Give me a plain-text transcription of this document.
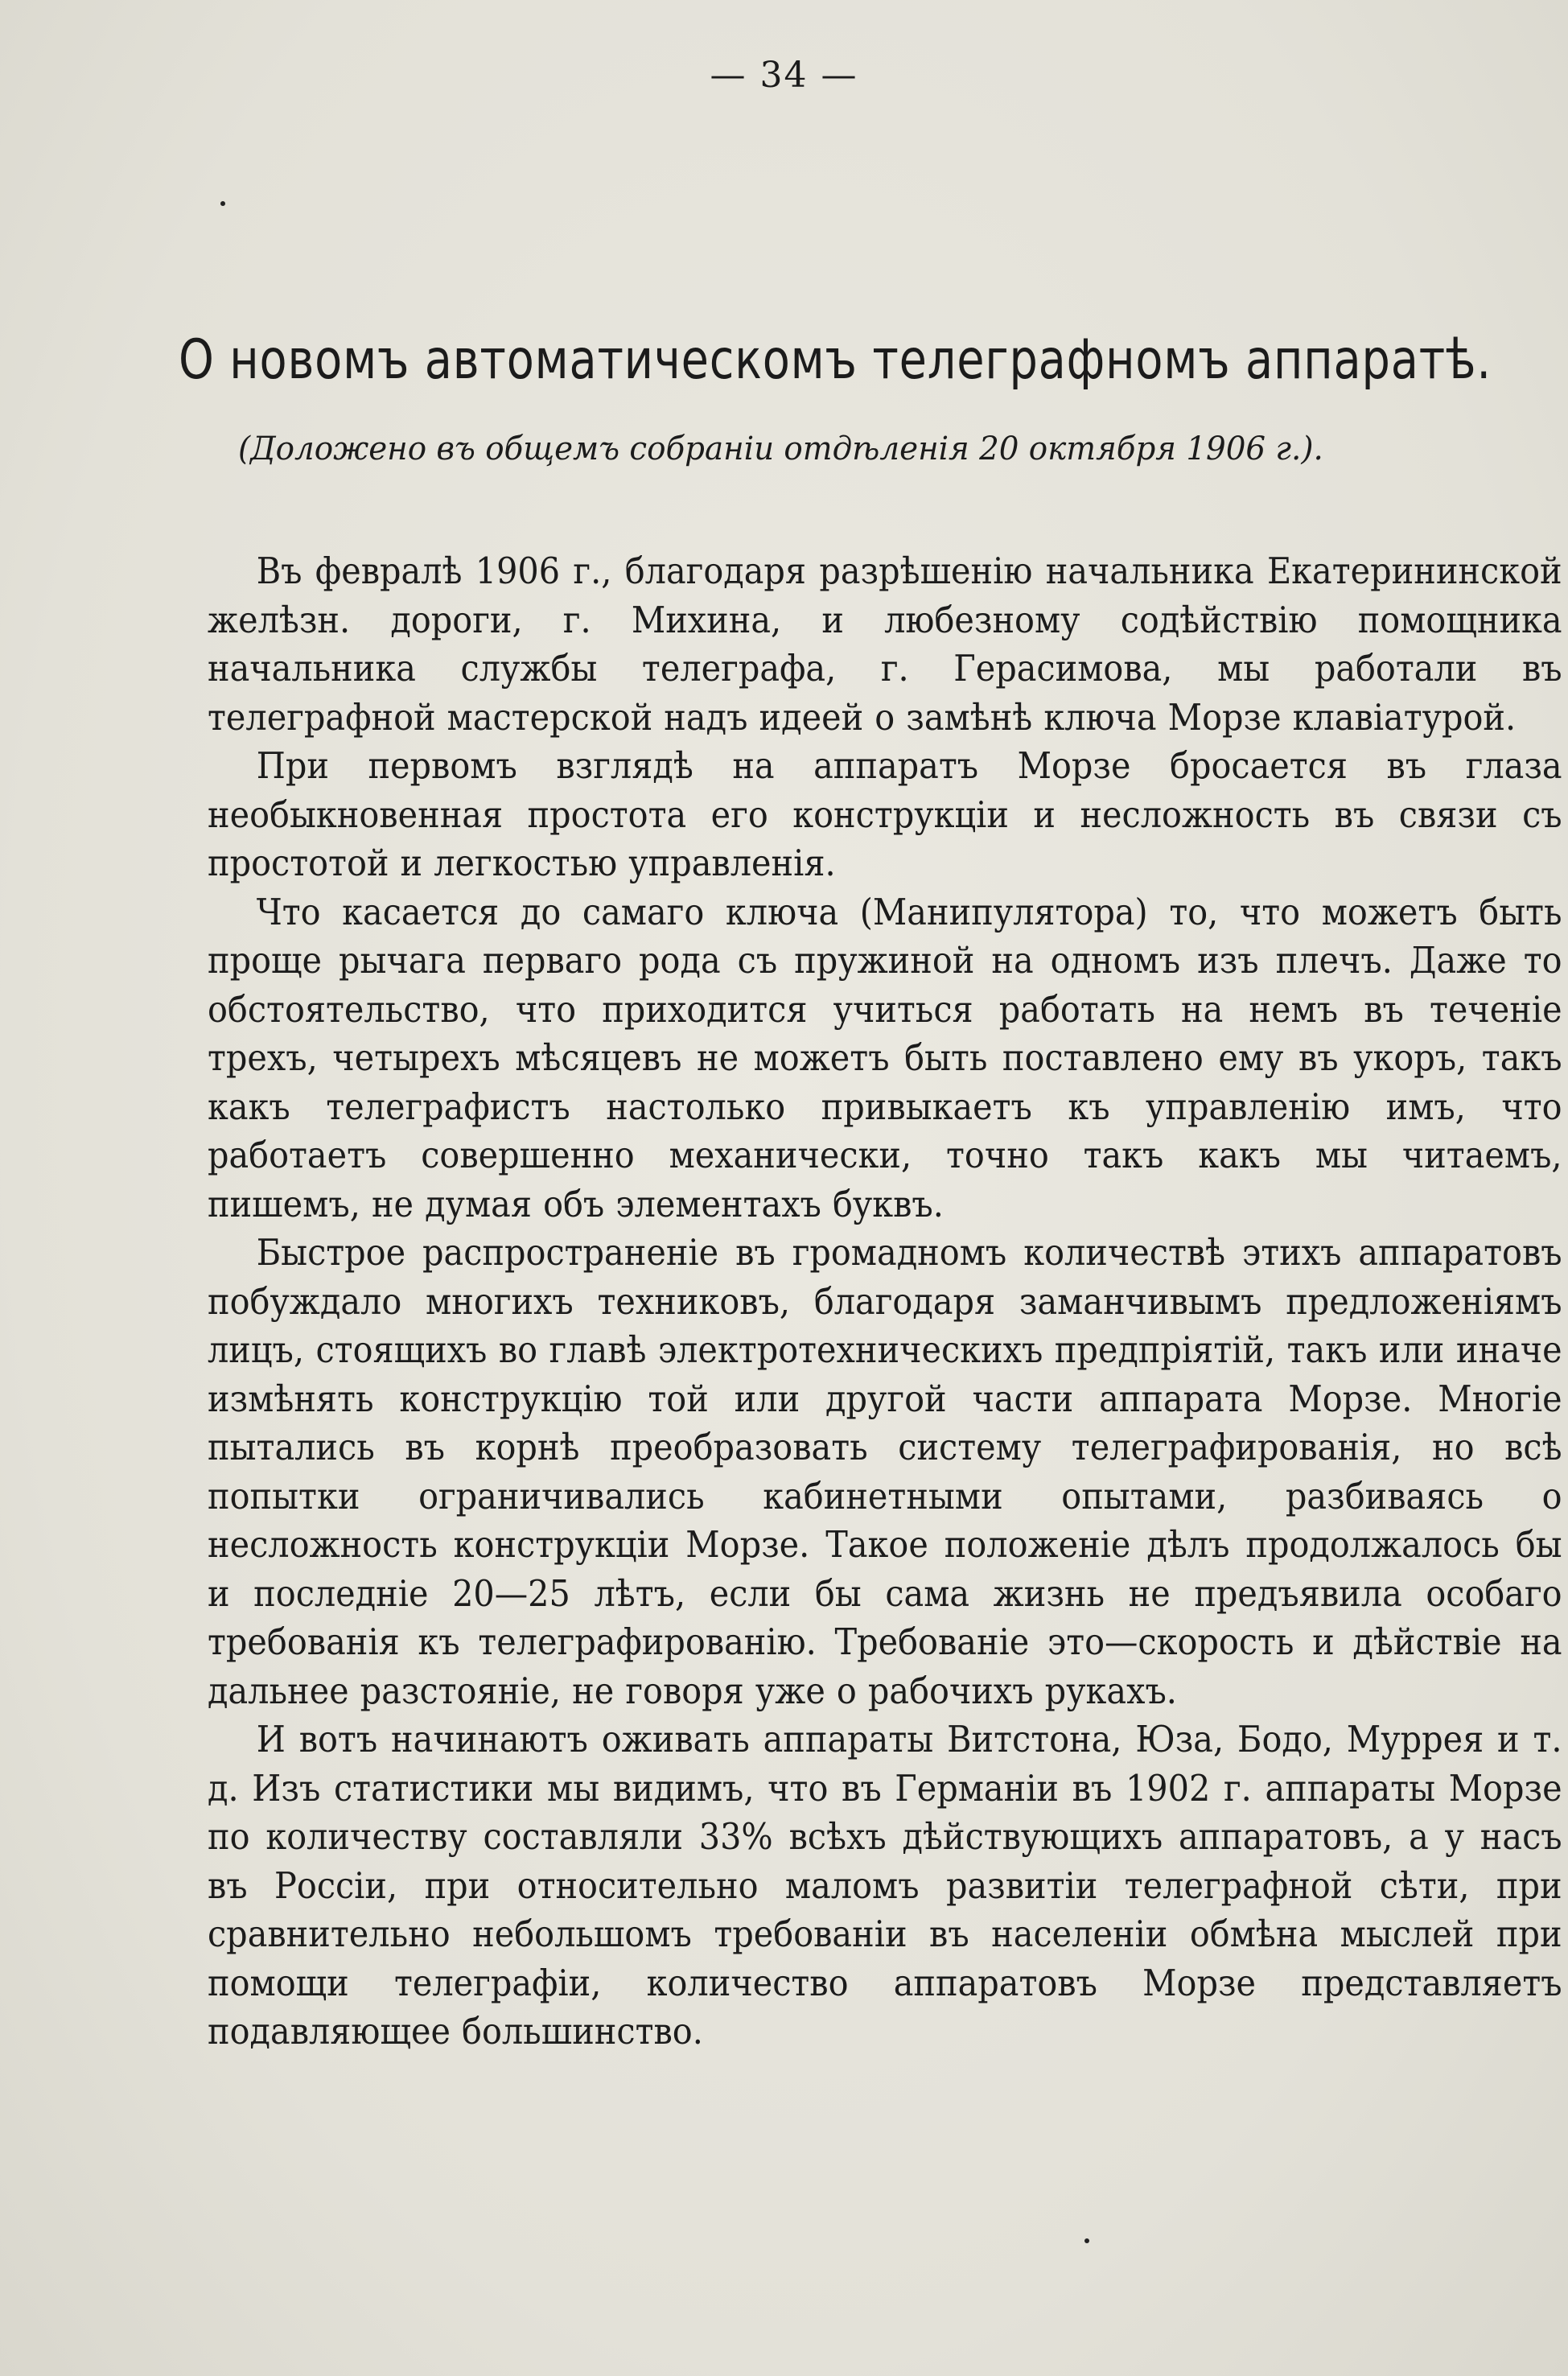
— 34 —
О новомъ автоматическомъ телеграфномъ аппаратѣ.
(Доложено въ общемъ собраніи отдѣленія 20 октября 1906 г.).

Въ февралѣ 1906 г., благодаря разрѣшенію начальника Екатерининской желѣзн. дороги, г. Михина, и любезному содѣйствію помощника начальника службы телеграфа, г. Герасимова, мы работали въ телеграфной мастерской надъ идеей о замѣнѣ ключа Морзе клавіатурой.

При первомъ взглядѣ на аппаратъ Морзе бросается въ глаза необыкновенная простота его конструкціи и несложность въ связи съ простотой и легкостью управленія.

Что касается до самаго ключа (Манипулятора) то, что можетъ быть проще рычага перваго рода съ пружиной на одномъ изъ плечъ. Даже то обстоятельство, что приходится учиться работать на немъ въ теченіе трехъ, четырехъ мѣсяцевъ не можетъ быть поставлено ему въ укоръ, такъ какъ телеграфистъ настолько привыкаетъ къ управленію имъ, что работаетъ совершенно механически, точно такъ какъ мы читаемъ, пишемъ, не думая объ элементахъ буквъ.

Быстрое распространеніе въ громадномъ количествѣ этихъ аппаратовъ побуждало многихъ техниковъ, благодаря заманчивымъ предложеніямъ лицъ, стоящихъ во главѣ электротехническихъ предпріятій, такъ или иначе измѣнять конструкцію той или другой части аппарата Морзе. Многіе пытались въ корнѣ преобразовать систему телеграфированія, но всѣ попытки ограничивались кабинетными опытами, разбиваясь о несложность конструкціи Морзе. Такое положеніе дѣлъ продолжалось бы и последніе 20—25 лѣтъ, если бы сама жизнь не предъявила особаго требованія къ телеграфированію. Требованіе это—скорость и дѣйствіе на дальнее разстояніе, не говоря уже о рабочихъ рукахъ.

И вотъ начинаютъ оживать аппараты Витстона, Юза, Бодо, Муррея и т. д. Изъ статистики мы видимъ, что въ Германіи въ 1902 г. аппараты Морзе по количеству составляли 33% всѣхъ дѣйствующихъ аппаратовъ, а у насъ въ Россіи, при относительно маломъ развитіи телеграфной сѣти, при сравнительно небольшомъ требованіи въ населеніи обмѣна мыслей при помощи телеграфіи, количество аппаратовъ Морзе представляетъ подавляющее большинство.
